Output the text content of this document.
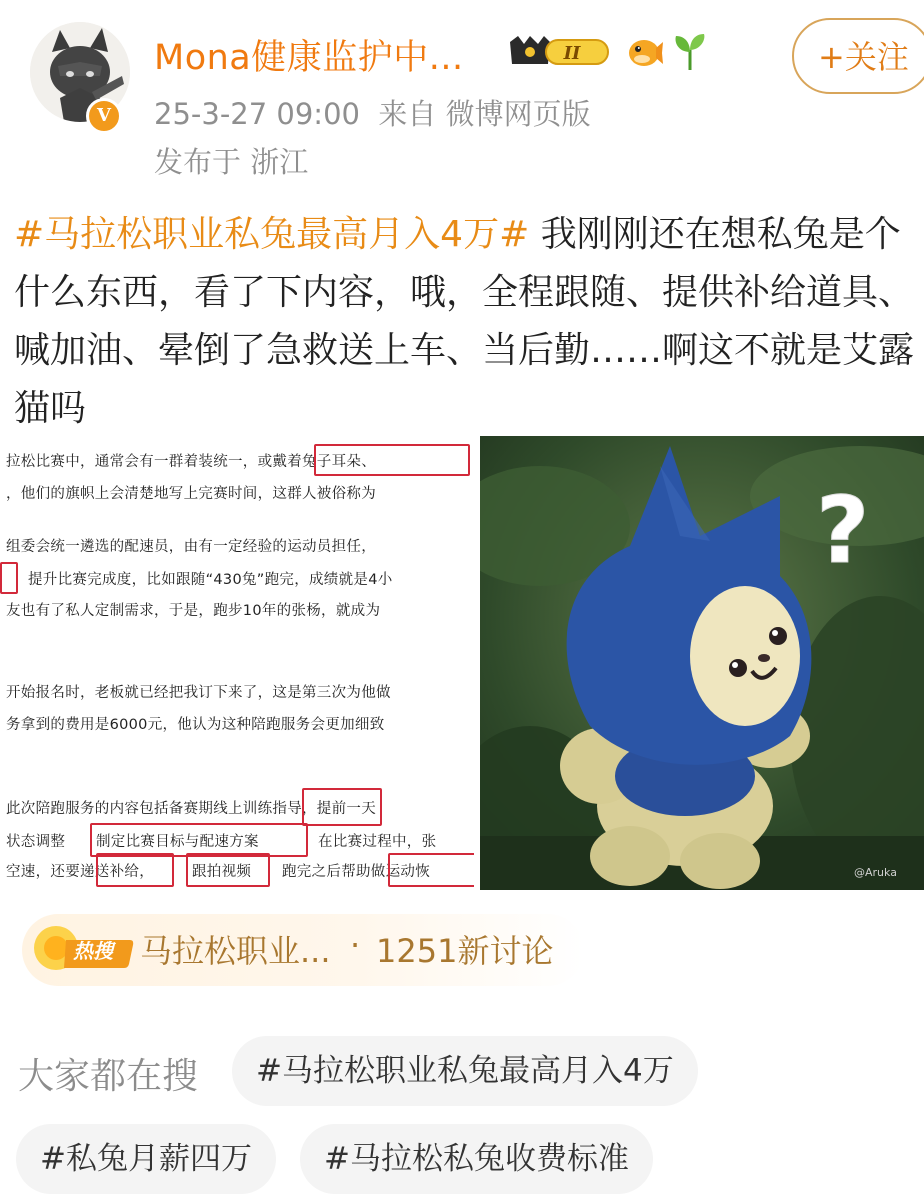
V
Mona健康监护中...	II	+关注
25-3-27 09:00 来自 微博网页版
发布于 浙江

#马拉松职业私兔最高月入4万# 我刚刚还在想私兔是个什么东西，看了下内容，哦，全程跟随、提供补给道具、喊加油、晕倒了急救送上车、当后勤……啊这不就是艾露猫吗

拉松比赛中，通常会有一群着装统一，或戴着兔子耳朵、
，他们的旗帜上会清楚地写上完赛时间，这群人被俗称为
组委会统一遴选的配速员，由有一定经验的运动员担任，
提升比赛完成度，比如跟随“430兔”跑完，成绩就是4小
友也有了私人定制需求，于是，跑步10年的张杨，就成为
开始报名时，老板就已经把我订下来了，这是第三次为他做
务拿到的费用是6000元，他认为这种陪跑服务会更加细致
此次陪跑服务的内容包括备赛期线上训练指导，提前一天
状态调整 制定比赛目标与配速方案	在比赛过程中，张
空速，还要递送补给，	跟拍视频 跑完之后帮助做运动恢
?
@Aruka
热搜 马拉松职业... · 1251新讨论
大家都在搜	#马拉松职业私兔最高月入4万
#私兔月薪四万	#马拉松私兔收费标准
